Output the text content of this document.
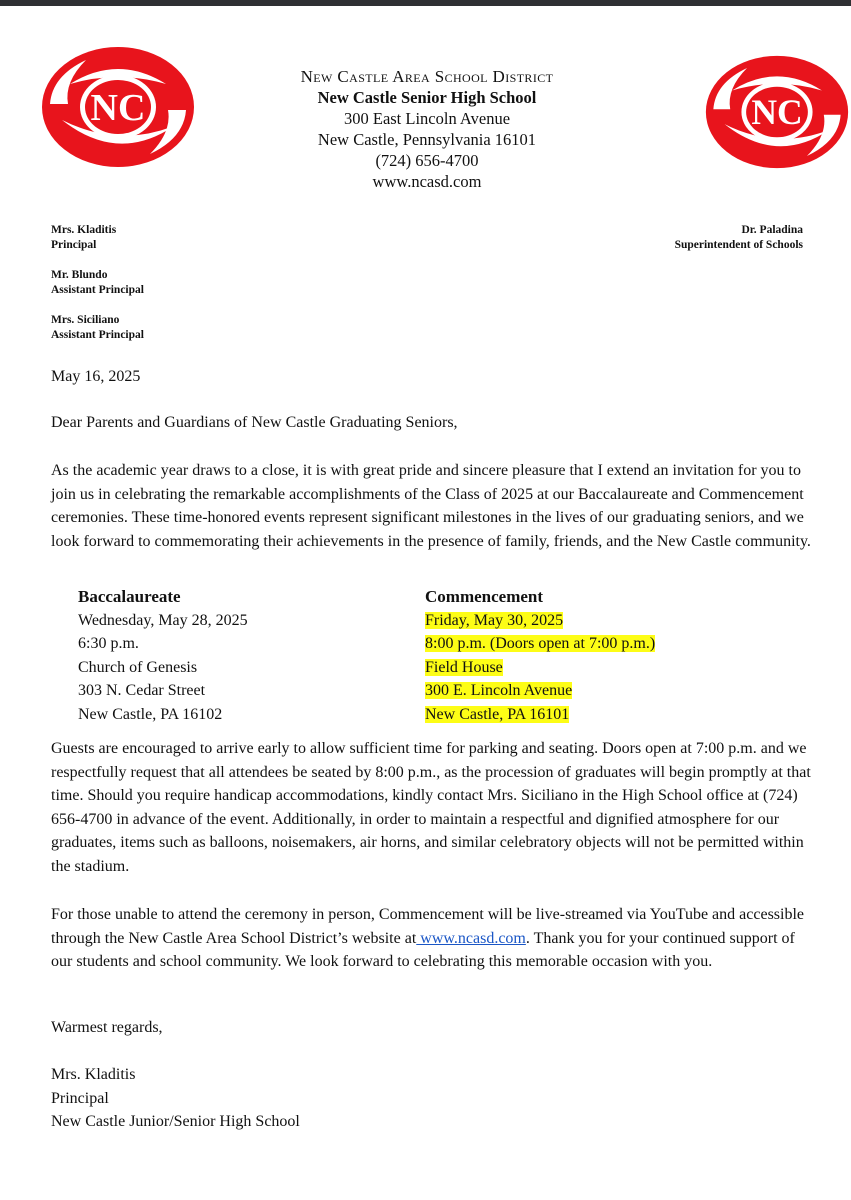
NC	NC
New Castle Area School District
New Castle Senior High School
300 East Lincoln Avenue
New Castle, Pennsylvania 16101
(724) 656-4700
www.ncasd.com
Mrs. Kladitis
Principal
Mr. Blundo
Assistant Principal
Mrs. Siciliano
Assistant Principal
Dr. Paladina
Superintendent of Schools
May 16, 2025
Dear Parents and Guardians of New Castle Graduating Seniors,
As the academic year draws to a close, it is with great pride and sincere pleasure that I extend an invitation for you to join us in celebrating the remarkable accomplishments of the Class of 2025 at our Baccalaureate and Commencement ceremonies. These time-honored events represent significant milestones in the lives of our graduating seniors, and we look forward to commemorating their achievements in the presence of family, friends, and the New Castle community.
Baccalaureate
Wednesday, May 28, 2025
6:30 p.m.
Church of Genesis
303 N. Cedar Street
New Castle, PA 16102
Commencement
Friday, May 30, 2025
8:00 p.m. (Doors open at 7:00 p.m.)
Field House
300 E. Lincoln Avenue
New Castle, PA 16101
Guests are encouraged to arrive early to allow sufficient time for parking and seating. Doors open at 7:00 p.m. and we respectfully request that all attendees be seated by 8:00 p.m., as the procession of graduates will begin promptly at that time. Should you require handicap accommodations, kindly contact Mrs. Siciliano in the High School office at (724) 656-4700 in advance of the event. Additionally, in order to maintain a respectful and dignified atmosphere for our graduates, items such as balloons, noisemakers, air horns, and similar celebratory objects will not be permitted within the stadium.
For those unable to attend the ceremony in person, Commencement will be live-streamed via YouTube and accessible through the New Castle Area School District’s website at www.ncasd.com. Thank you for your continued support of our students and school community. We look forward to celebrating this memorable occasion with you.
Warmest regards,
Mrs. Kladitis
Principal
New Castle Junior/Senior High School
